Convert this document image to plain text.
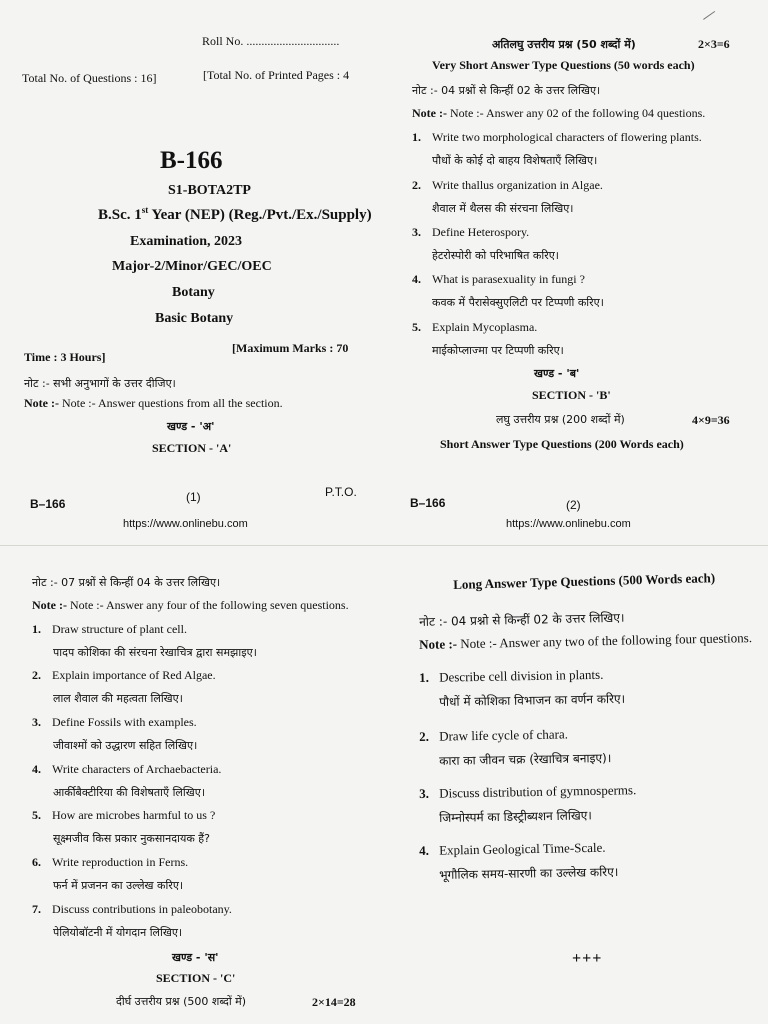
Roll No. ...............................
Total No. of Questions : 16]	[Total No. of Printed Pages : 4
B-166
S1-BOTA2TP
B.Sc. 1st Year (NEP) (Reg./Pvt./Ex./Supply)
Examination, 2023
Major-2/Minor/GEC/OEC
Botany
Basic Botany
Time : 3 Hours]
[Maximum Marks : 70
नोट :- सभी अनुभागों के उत्तर दीजिए।
Note :- Note :- Answer questions from all the section.
खण्ड - 'अ'
SECTION - 'A'
B–166	(1)	P.T.O.
https://www.onlinebu.com
अतिलघु उत्तरीय प्रश्न (50 शब्दों में)	2×3=6
Very Short Answer Type Questions (50 words each)
नोट :- 04 प्रश्नों से किन्हीं 02 के उत्तर लिखिए।
Note :- Note :- Answer any 02 of the following 04 questions.
1. Write two morphological characters of flowering plants.
पौधों के कोई दो बाहय विशेषताएँ लिखिए।
2. Write thallus organization in Algae.
शैवाल में थैलस की संरचना लिखिए।
3. Define Heterospory.
हेटरोस्पोरी को परिभाषित करिए।
4. What is parasexuality in fungi ?
कवक में पैरासेक्सुएलिटी पर टिप्पणी करिए।
5. Explain Mycoplasma.
माईकोप्लाज्मा पर टिप्पणी करिए।
खण्ड - 'ब'
SECTION - 'B'
लघु उत्तरीय प्रश्न (200 शब्दों में)	4×9=36
Short Answer Type Questions (200 Words each)
B–166	(2)
https://www.onlinebu.com
नोट :- 07 प्रश्नों से किन्हीं 04 के उत्तर लिखिए।
Note :- Note :- Answer any four of the following seven questions.
1. Draw structure of plant cell.
पादप कोशिका की संरचना रेखाचित्र द्वारा समझाइए।
2. Explain importance of Red Algae.
लाल शैवाल की महत्वता लिखिए।
3. Define Fossils with examples.
जीवाश्मों को उद्धारण सहित लिखिए।
4. Write characters of Archaebacteria.
आर्कीबैक्टीरिया की विशेषताएँ लिखिए।
5. How are microbes harmful to us ?
सूक्ष्मजीव किस प्रकार नुकसानदायक हैं?
6. Write reproduction in Ferns.
फर्न में प्रजनन का उल्लेख करिए।
7. Discuss contributions in paleobotany.
पेलियोबॉटनी में योगदान लिखिए।
खण्ड - 'स'
SECTION - 'C'
दीर्घ उत्तरीय प्रश्न (500 शब्दों में)	2×14=28
Long Answer Type Questions (500 Words each)
नोट :- 04 प्रश्नो से किन्हीं 02 के उत्तर लिखिए।
Note :- Note :- Answer any two of the following four questions.
1. Describe cell division in plants.
पौधों में कोशिका विभाजन का वर्णन करिए।
2. Draw life cycle of chara.
कारा का जीवन चक्र (रेखाचित्र बनाइए)।
3. Discuss distribution of gymnosperms.
जिम्नोस्पर्म का डिस्ट्रीब्यशन लिखिए।
4. Explain Geological Time-Scale.
भूगौलिक समय-सारणी का उल्लेख करिए।
+++
